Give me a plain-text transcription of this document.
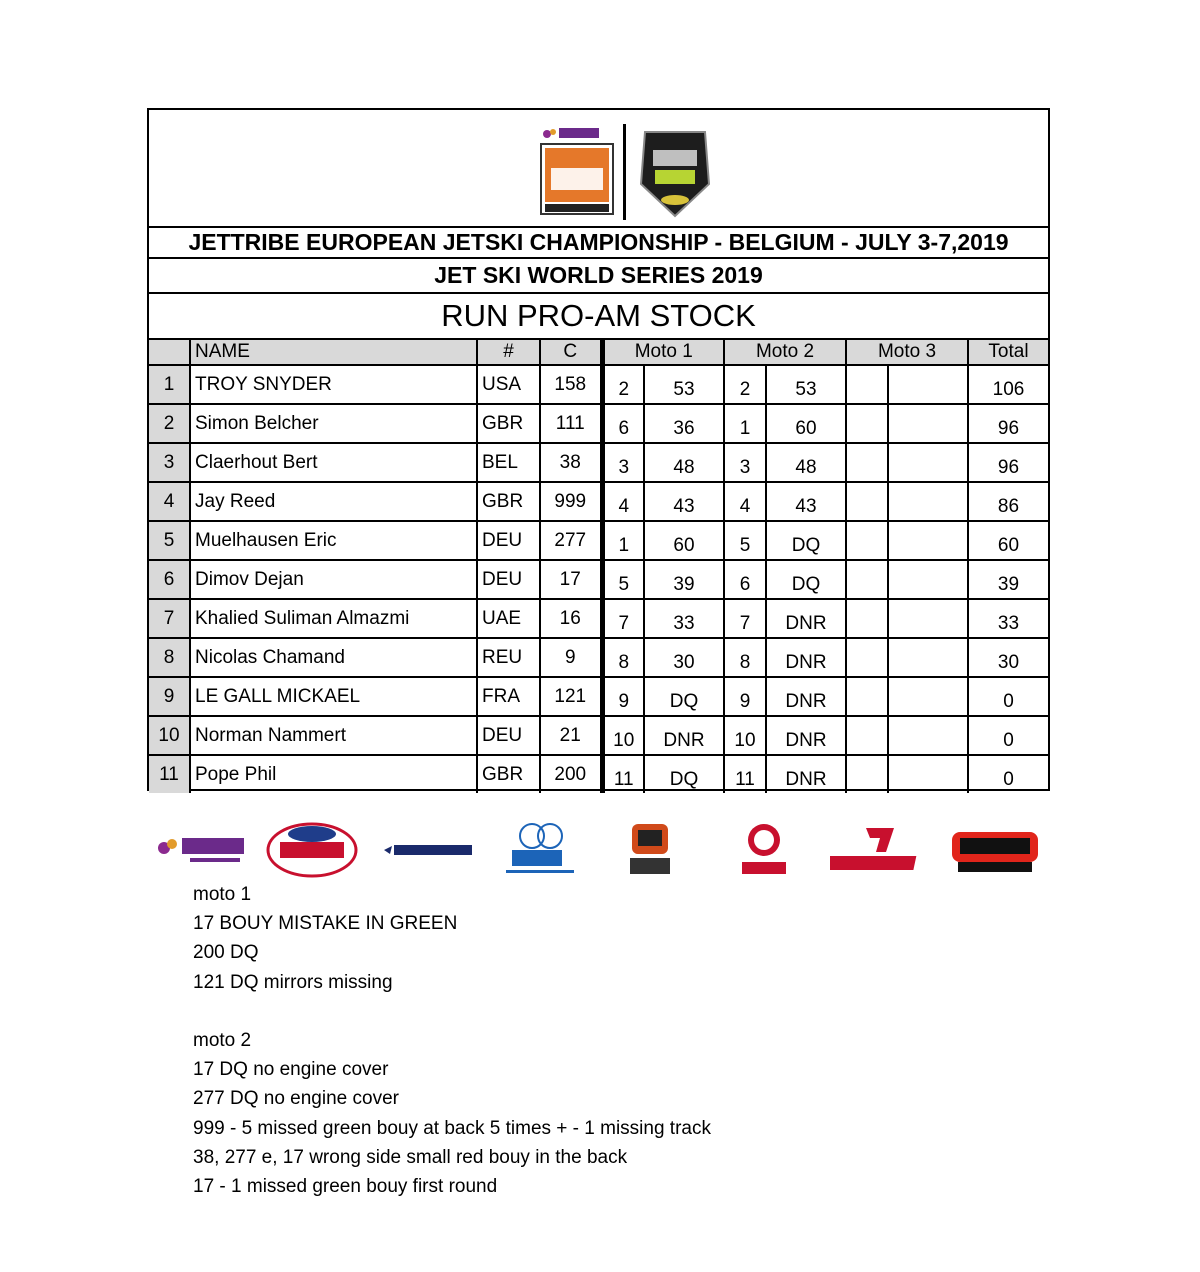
JETTRIBE EUROPEAN JETSKI CHAMPIONSHIP - BELGIUM - JULY 3-7,2019
JET SKI WORLD SERIES 2019
RUN PRO-AM STOCK
	NAME	#	C	Moto 1		Moto 2		Moto 3		Total
1	TROY SNYDER	USA	158	2	53	2	53			106
2	Simon Belcher	GBR	111	6	36	1	60			96
3	Claerhout Bert	BEL	38	3	48	3	48			96
4	Jay Reed	GBR	999	4	43	4	43			86
5	Muelhausen Eric	DEU	277	1	60	5	DQ			60
6	Dimov Dejan	DEU	17	5	39	6	DQ			39
7	Khalied Suliman Almazmi	UAE	16	7	33	7	DNR			33
8	Nicolas Chamand	REU	9	8	30	8	DNR			30
9	LE GALL MICKAEL	FRA	121	9	DQ	9	DNR			0
10	Norman Nammert	DEU	21	10	DNR	10	DNR			0
11	Pope Phil	GBR	200	11	DQ	11	DNR			0
moto 1
17 BOUY MISTAKE IN GREEN
200 DQ
121 DQ mirrors missing
moto 2
17 DQ no engine cover
277 DQ no engine cover
999 - 5 missed green bouy at back 5 times + - 1 missing track
38, 277 e, 17 wrong side small red bouy in the back
17 - 1 missed green bouy first round
